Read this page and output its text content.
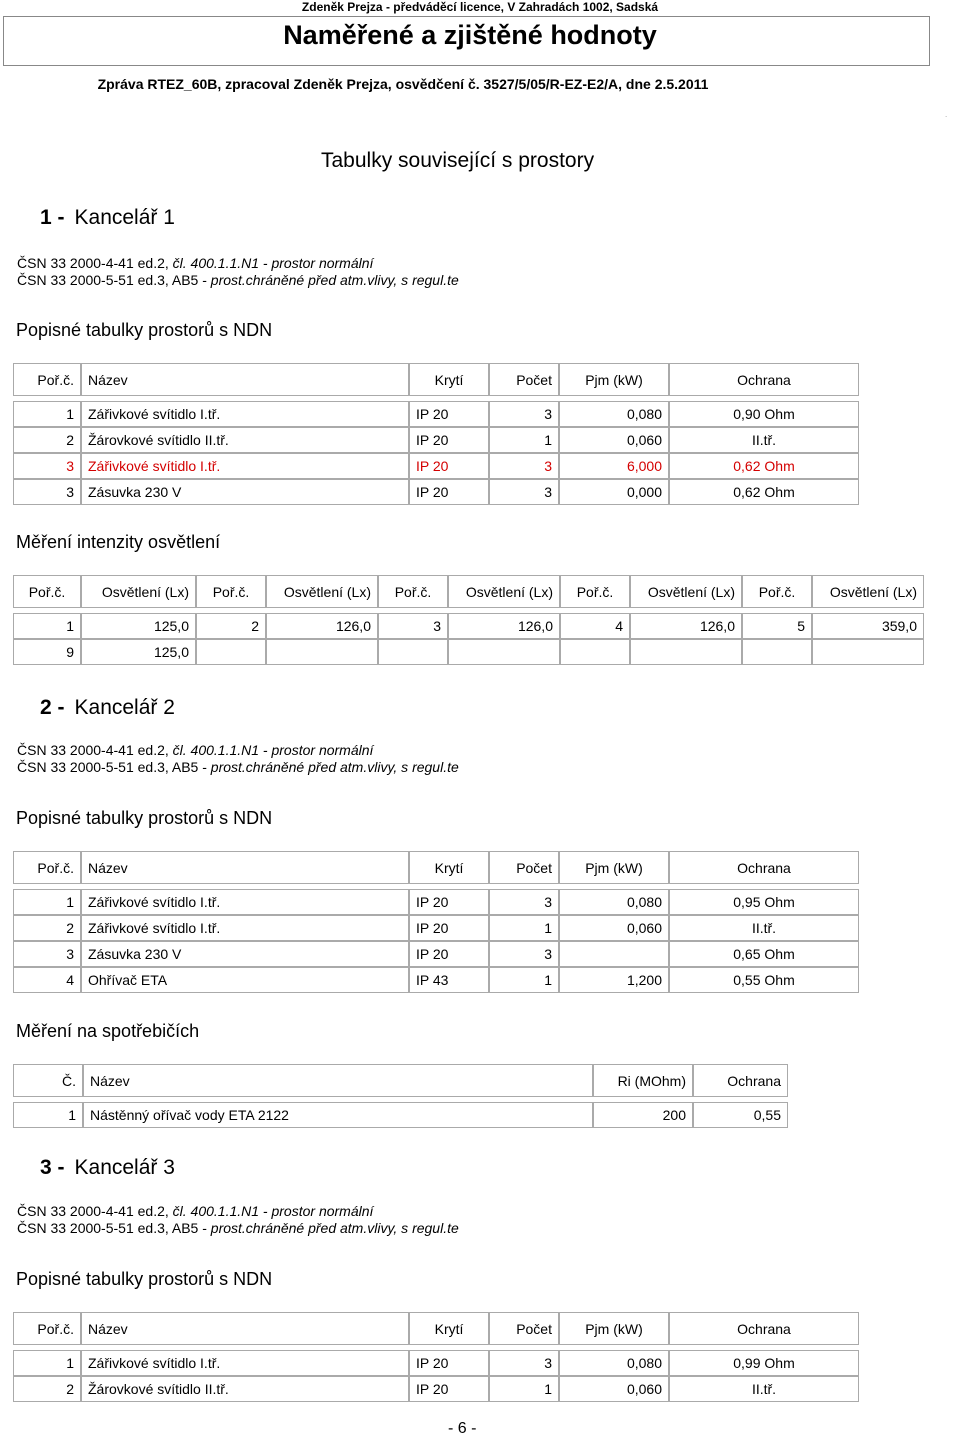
Zdeněk Prejza - předváděcí licence, V Zahradách 1002, Sadská
Naměřené a zjištěné hodnoty
Zpráva RTEZ_60B, zpracoval Zdeněk Prejza, osvědčení č. 3527/5/05/R-EZ-E2/A, dne 2.5.2011
.
Tabulky související s prostory
1 - Kancelář 1
ČSN 33 2000-4-41 ed.2, čl. 400.1.1.N1 - prostor normální
ČSN 33 2000-5-51 ed.3, AB5 - prost.chráněné před atm.vlivy, s regul.te
Popisné tabulky prostorů s NDN
Poř.č.	Název	Krytí	Počet	Pjm (kW)	Ochrana

1	Zářivkové svítidlo I.tř.	IP 20	3	0,080	0,90 Ohm
2	Žárovkové svítidlo II.tř.	IP 20	1	0,060	II.tř.
3	Zářivkové svítidlo I.tř.	IP 20	3	6,000	0,62 Ohm
3	Zásuvka 230 V	IP 20	3	0,000	0,62 Ohm
Měření intenzity osvětlení
Poř.č.	Osvětlení (Lx)	Poř.č.	Osvětlení (Lx)	Poř.č.	Osvětlení (Lx)	Poř.č.	Osvětlení (Lx)	Poř.č.	Osvětlení (Lx)

1	125,0	2	126,0	3	126,0	4	126,0	5	359,0
9	125,0								
2 - Kancelář 2
ČSN 33 2000-4-41 ed.2, čl. 400.1.1.N1 - prostor normální
ČSN 33 2000-5-51 ed.3, AB5 - prost.chráněné před atm.vlivy, s regul.te
Popisné tabulky prostorů s NDN
Poř.č.	Název	Krytí	Počet	Pjm (kW)	Ochrana

1	Zářivkové svítidlo I.tř.	IP 20	3	0,080	0,95 Ohm
2	Zářivkové svítidlo I.tř.	IP 20	1	0,060	II.tř.
3	Zásuvka 230 V	IP 20	3		0,65 Ohm
4	Ohřívač ETA	IP 43	1	1,200	0,55 Ohm
Měření na spotřebičích
Č.	Název	Ri (MOhm)	Ochrana

1	Nástěnný ořívač vody ETA 2122	200	0,55
3 - Kancelář 3
ČSN 33 2000-4-41 ed.2, čl. 400.1.1.N1 - prostor normální
ČSN 33 2000-5-51 ed.3, AB5 - prost.chráněné před atm.vlivy, s regul.te
Popisné tabulky prostorů s NDN
Poř.č.	Název	Krytí	Počet	Pjm (kW)	Ochrana

1	Zářivkové svítidlo I.tř.	IP 20	3	0,080	0,99 Ohm
2	Žárovkové svítidlo II.tř.	IP 20	1	0,060	II.tř.
- 6 -
